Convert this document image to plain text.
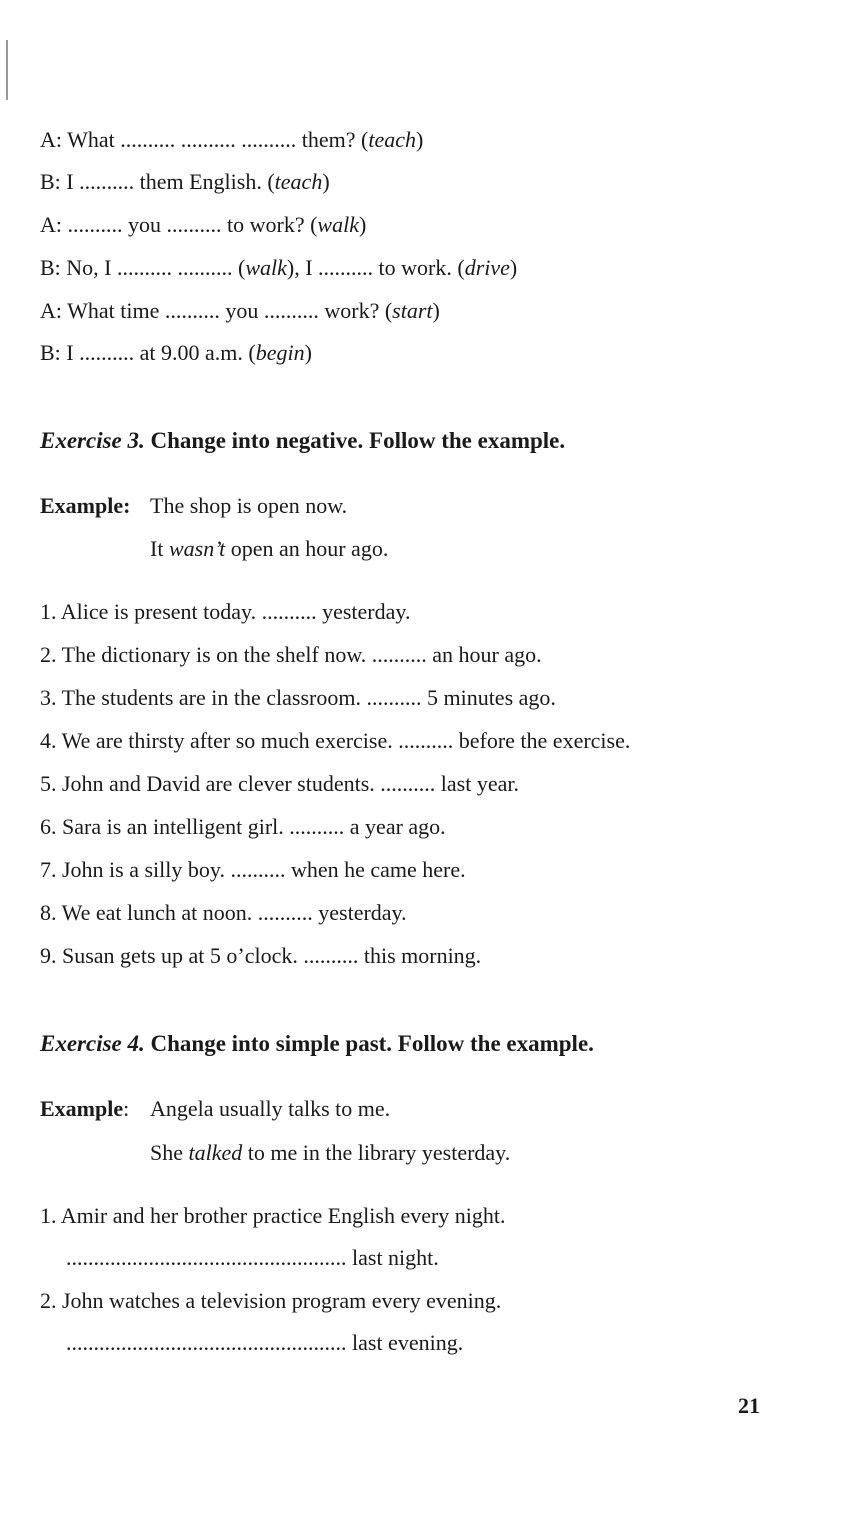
A: What .......... .......... .......... them? (teach)
B: I .......... them English. (teach)
A: .......... you .......... to work? (walk)
B: No, I .......... .......... (walk), I .......... to work. (drive)
A: What time .......... you .......... work? (start)
B: I .......... at 9.00 a.m. (begin)
Exercise 3. Change into negative. Follow the example.
Example: The shop is open now.
It wasn’t open an hour ago.
1. Alice is present today. .......... yesterday.
2. The dictionary is on the shelf now. .......... an hour ago.
3. The students are in the classroom. .......... 5 minutes ago.
4. We are thirsty after so much exercise. .......... before the exercise.
5. John and David are clever students. .......... last year.
6. Sara is an intelligent girl. .......... a year ago.
7. John is a silly boy. .......... when he came here.
8. We eat lunch at noon. .......... yesterday.
9. Susan gets up at 5 o’clock. .......... this morning.
Exercise 4. Change into simple past. Follow the example.
Example: Angela usually talks to me.
She talked to me in the library yesterday.
1. Amir and her brother practice English every night.
................................................... last night.
2. John watches a television program every evening.
................................................... last evening.
21
